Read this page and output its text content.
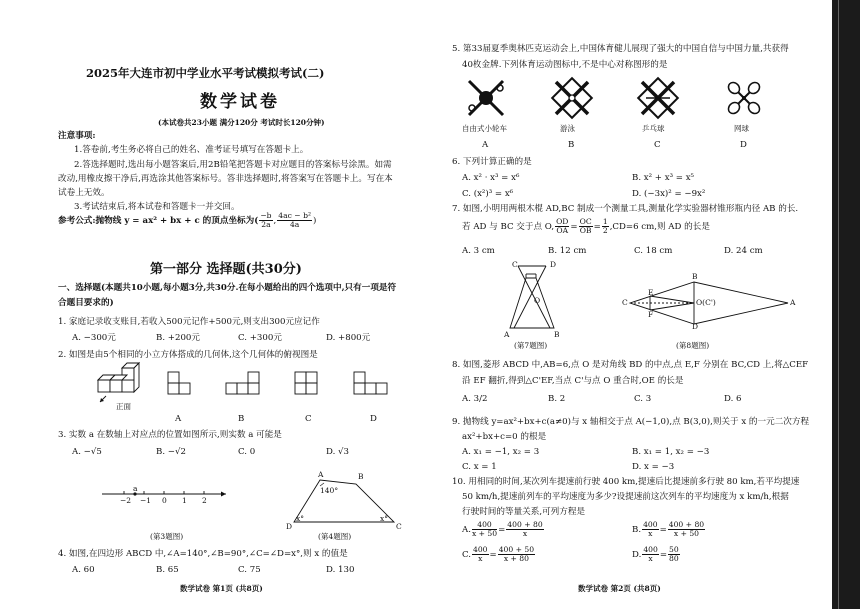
2025年大连市初中学业水平考试模拟考试(二)
数学试卷
(本试卷共23小题 满分120分 考试时长120分钟)
注意事项:
1.答卷前,考生务必将自己的姓名、准考证号填写在答题卡上。
2.答选择题时,选出每小题答案后,用2B铅笔把答题卡对应题目的答案标号涂黑。如需
改动,用橡皮擦干净后,再选涂其他答案标号。答非选择题时,将答案写在答题卡上。写在本
试卷上无效。
3.考试结束后,将本试卷和答题卡一并交回。
参考公式:抛物线 y = ax² + bx + c 的顶点坐标为( $\frac{-b}{2a}$ , $\frac{\text{4ac − b²}}{4a}$ )
第一部分 选择题(共30分)
一、选择题(本题共10小题,每小题3分,共30分.在每小题给出的四个选项中,只有一项是符
合题目要求的)
1. 家庭记录收支账目,若收入500元记作+500元,则支出300元应记作
A. −300元	B. +200元	C. +300元	D. +800元
2. 如图是由5个相同的小立方体搭成的几何体,这个几何体的俯视图是
正面
A	B	C	D
3. 实数 a 在数轴上对应点的位置如图所示,则实数 a 可能是
A. −√5	B. −√2	C. 0	D. √3
a
−2 −1 0 1 2
(第3题图)
A	B
D	C
140°
x°	x°
(第4题图)
4. 如图,在四边形 ABCD 中,∠A=140°,∠B=90°,∠C=∠D=x°,则 x 的值是
A. 60	B. 65	C. 75	D. 130
数学试卷 第1页 (共8页)
5. 第33届夏季奥林匹克运动会上,中国体育健儿展现了强大的中国自信与中国力量,共获得
40枚金牌.下列体育运动图标中,不是中心对称图形的是
自由式小轮车	游泳	乒乓球	网球
A	B	C	D
6. 下列计算正确的是
A. x² · x³ = x⁶	B. x² + x³ = x⁵
C. (x²)³ = x⁶	D. (−3x)² = −9x²
7. 如图,小明用两根木棍 AD,BC 制成一个测量工具,测量化学实验器材锥形瓶内径 AB 的长.
若 AD 与 BC 交于点 O, $\frac{OD}{OA} = \frac{OC}{OB} = \frac{1}{2} ,CD=6$ cm,则 AD 的长是
A. 3 cm	B. 12 cm	C. 18 cm	D. 24 cm
C	D
O
A	B
(第7题图)
C
E
F
B
D
O(C')	A
(第8题图)
8. 如图,菱形 ABCD 中,AB=6,点 O 是对角线 BD 的中点,点 E,F 分别在 BC,CD 上,将△CEF
沿 EF 翻折,得到△C'EF,当点 C'与点 O 重合时,OE 的长是
A. 3/2	B. 2	C. 3	D. 6
9. 抛物线 y=ax²+bx+c(a≠0)与 x 轴相交于点 A(−1,0),点 B(3,0),则关于 x 的一元二次方程
ax²+bx+c=0 的根是
A. x₁ = −1, x₂ = 3	B. x₁ = 1, x₂ = −3
C. x = 1	D. x = −3
10. 用相同的时间,某次列车提速前行驶 400 km,提速后比提速前多行驶 80 km,若平均提速
50 km/h,提速前列车的平均速度为多少?设提速前这次列车的平均速度为 x km/h,根据
行驶时间的等量关系,可列方程是
A. $\frac{400}{x + 50} = \frac{400 + 80}{x}$	B. $\frac{400}{x} = \frac{400 + 80}{x + 50}$
C. $\frac{400}{x} = \frac{400 + 50}{x + 80}$	D. $\frac{400}{x} = \frac{50}{80}$
数学试卷 第2页 (共8页)
